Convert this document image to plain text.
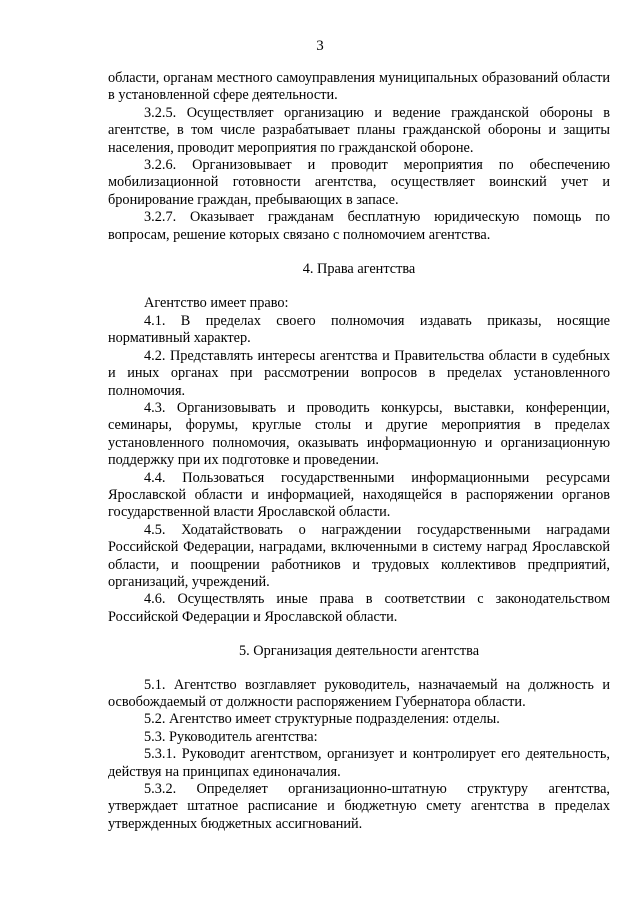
3

области, органам местного самоуправления муниципальных образований области в установленной сфере деятельности.

3.2.5. Осуществляет организацию и ведение гражданской обороны в агентстве, в том числе разрабатывает планы гражданской обороны и защиты населения, проводит мероприятия по гражданской обороне.

3.2.6. Организовывает и проводит мероприятия по обеспечению мобилизационной готовности агентства, осуществляет воинский учет и бронирование граждан, пребывающих в запасе.

3.2.7. Оказывает гражданам бесплатную юридическую помощь по вопросам, решение которых связано с полномочием агентства.

4. Права агентства

Агентство имеет право:

4.1. В пределах своего полномочия издавать приказы, носящие нормативный характер.

4.2. Представлять интересы агентства и Правительства области в судебных и иных органах при рассмотрении вопросов в пределах установленного полномочия.

4.3. Организовывать и проводить конкурсы, выставки, конференции, семинары, форумы, круглые столы и другие мероприятия в пределах установленного полномочия, оказывать информационную и организационную поддержку при их подготовке и проведении.

4.4. Пользоваться государственными информационными ресурсами Ярославской области и информацией, находящейся в распоряжении органов государственной власти Ярославской области.

4.5. Ходатайствовать о награждении государственными наградами Российской Федерации, наградами, включенными в систему наград Ярославской области, и поощрении работников и трудовых коллективов предприятий, организаций, учреждений.

4.6. Осуществлять иные права в соответствии с законодательством Российской Федерации и Ярославской области.

5. Организация деятельности агентства

5.1. Агентство возглавляет руководитель, назначаемый на должность и освобождаемый от должности распоряжением Губернатора области.

5.2. Агентство имеет структурные подразделения: отделы.

5.3. Руководитель агентства:

5.3.1. Руководит агентством, организует и контролирует его деятельность, действуя на принципах единоначалия.

5.3.2. Определяет организационно-штатную структуру агентства, утверждает штатное расписание и бюджетную смету агентства в пределах утвержденных бюджетных ассигнований.
